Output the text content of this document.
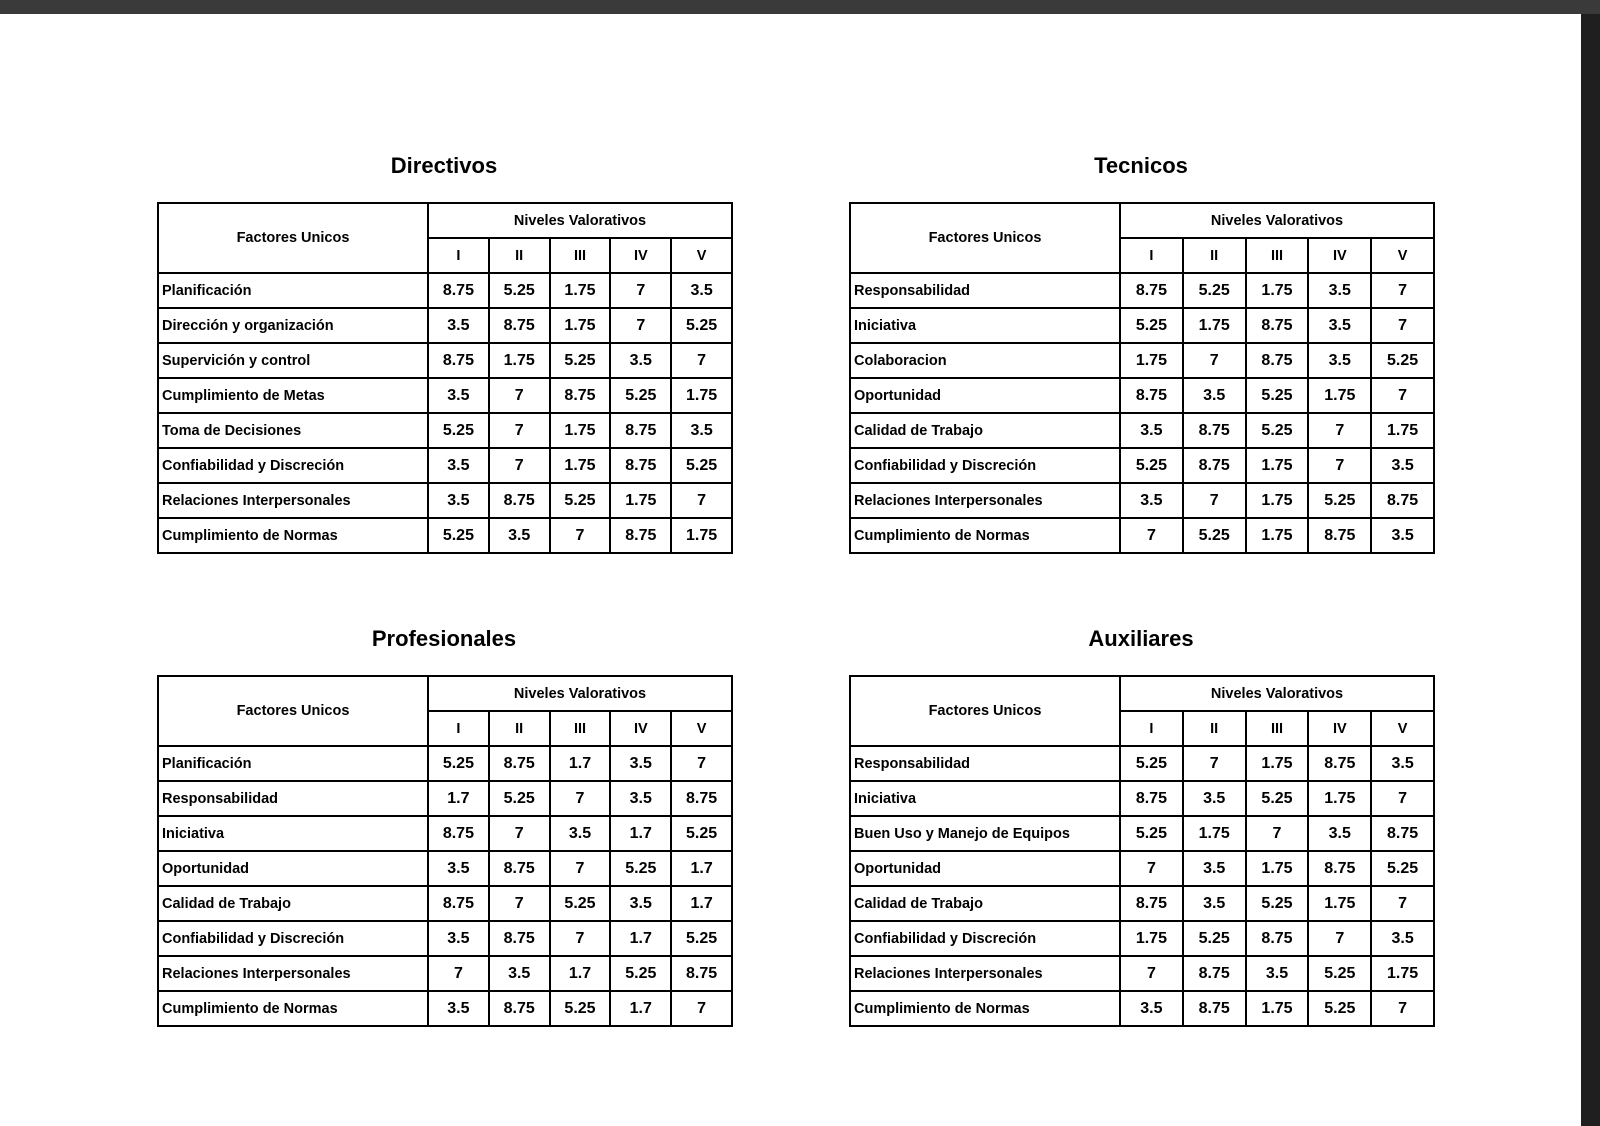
Directivos
Factores Unicos	Niveles Valorativos				
	I	II	III	IV	V
Planificación	8.75	5.25	1.75	7	3.5
Dirección y organización	3.5	8.75	1.75	7	5.25
Supervición y control	8.75	1.75	5.25	3.5	7
Cumplimiento de Metas	3.5	7	8.75	5.25	1.75
Toma de Decisiones	5.25	7	1.75	8.75	3.5
Confiabilidad y Discreción	3.5	7	1.75	8.75	5.25
Relaciones Interpersonales	3.5	8.75	5.25	1.75	7
Cumplimiento de Normas	5.25	3.5	7	8.75	1.75
Tecnicos
Factores Unicos	Niveles Valorativos				
	I	II	III	IV	V
Responsabilidad	8.75	5.25	1.75	3.5	7
Iniciativa	5.25	1.75	8.75	3.5	7
Colaboracion	1.75	7	8.75	3.5	5.25
Oportunidad	8.75	3.5	5.25	1.75	7
Calidad de Trabajo	3.5	8.75	5.25	7	1.75
Confiabilidad y Discreción	5.25	8.75	1.75	7	3.5
Relaciones Interpersonales	3.5	7	1.75	5.25	8.75
Cumplimiento de Normas	7	5.25	1.75	8.75	3.5
Profesionales
Factores Unicos	Niveles Valorativos				
	I	II	III	IV	V
Planificación	5.25	8.75	1.7	3.5	7
Responsabilidad	1.7	5.25	7	3.5	8.75
Iniciativa	8.75	7	3.5	1.7	5.25
Oportunidad	3.5	8.75	7	5.25	1.7
Calidad de Trabajo	8.75	7	5.25	3.5	1.7
Confiabilidad y Discreción	3.5	8.75	7	1.7	5.25
Relaciones Interpersonales	7	3.5	1.7	5.25	8.75
Cumplimiento de Normas	3.5	8.75	5.25	1.7	7
Auxiliares
Factores Unicos	Niveles Valorativos				
	I	II	III	IV	V
Responsabilidad	5.25	7	1.75	8.75	3.5
Iniciativa	8.75	3.5	5.25	1.75	7
Buen Uso y Manejo de Equipos	5.25	1.75	7	3.5	8.75
Oportunidad	7	3.5	1.75	8.75	5.25
Calidad de Trabajo	8.75	3.5	5.25	1.75	7
Confiabilidad y Discreción	1.75	5.25	8.75	7	3.5
Relaciones Interpersonales	7	8.75	3.5	5.25	1.75
Cumplimiento de Normas	3.5	8.75	1.75	5.25	7
